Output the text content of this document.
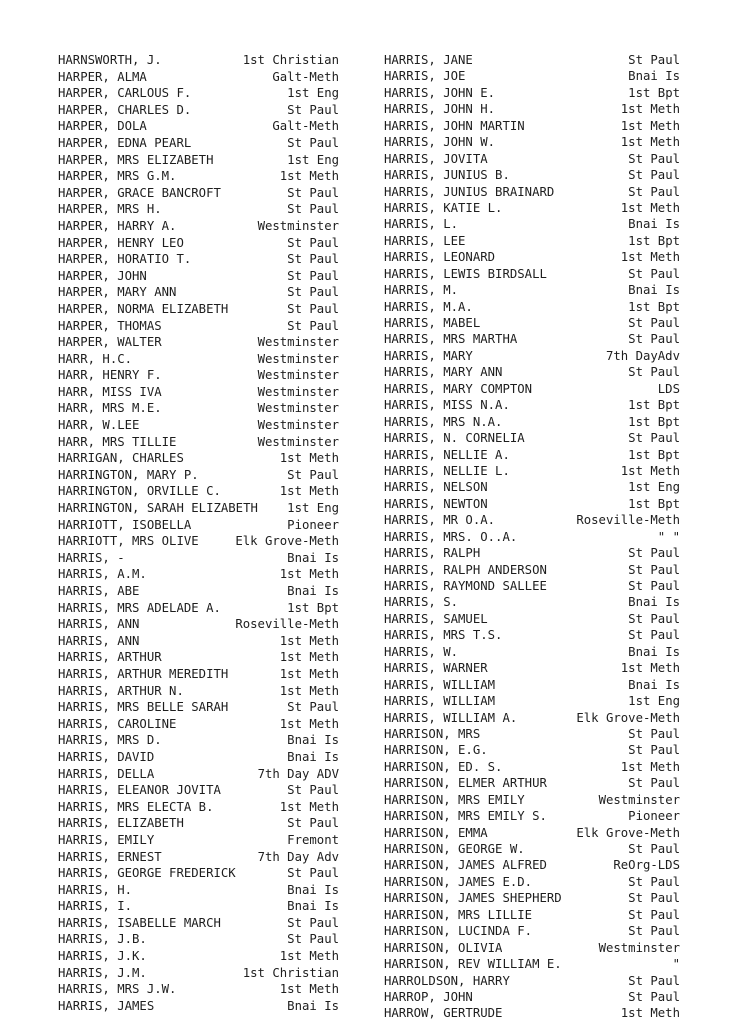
HARNSWORTH, J.	1st Christian
HARPER, ALMA	Galt-Meth
HARPER, CARLOUS F.	1st Eng
HARPER, CHARLES D.	St Paul
HARPER, DOLA	Galt-Meth
HARPER, EDNA PEARL	St Paul
HARPER, MRS ELIZABETH	1st Eng
HARPER, MRS G.M.	1st Meth
HARPER, GRACE BANCROFT	St Paul
HARPER, MRS H.	St Paul
HARPER, HARRY A.	Westminster
HARPER, HENRY LEO	St Paul
HARPER, HORATIO T.	St Paul
HARPER, JOHN	St Paul
HARPER, MARY ANN	St Paul
HARPER, NORMA ELIZABETH	St Paul
HARPER, THOMAS	St Paul
HARPER, WALTER	Westminster
HARR, H.C.	Westminster
HARR, HENRY F.	Westminster
HARR, MISS IVA	Westminster
HARR, MRS M.E.	Westminster
HARR, W.LEE	Westminster
HARR, MRS TILLIE	Westminster
HARRIGAN, CHARLES	1st Meth
HARRINGTON, MARY P.	St Paul
HARRINGTON, ORVILLE C.	1st Meth
HARRINGTON, SARAH ELIZABETH	1st Eng
HARRIOTT, ISOBELLA	Pioneer
HARRIOTT, MRS OLIVE	Elk Grove-Meth
HARRIS, -	Bnai Is
HARRIS, A.M.	1st Meth
HARRIS, ABE	Bnai Is
HARRIS, MRS ADELADE A.	1st Bpt
HARRIS, ANN	Roseville-Meth
HARRIS, ANN	1st Meth
HARRIS, ARTHUR	1st Meth
HARRIS, ARTHUR MEREDITH	1st Meth
HARRIS, ARTHUR N.	1st Meth
HARRIS, MRS BELLE SARAH	St Paul
HARRIS, CAROLINE	1st Meth
HARRIS, MRS D.	Bnai Is
HARRIS, DAVID	Bnai Is
HARRIS, DELLA	7th Day ADV
HARRIS, ELEANOR JOVITA	St Paul
HARRIS, MRS ELECTA B.	1st Meth
HARRIS, ELIZABETH	St Paul
HARRIS, EMILY	Fremont
HARRIS, ERNEST	7th Day Adv
HARRIS, GEORGE FREDERICK	St Paul
HARRIS, H.	Bnai Is
HARRIS, I.	Bnai Is
HARRIS, ISABELLE MARCH	St Paul
HARRIS, J.B.	St Paul
HARRIS, J.K.	1st Meth
HARRIS, J.M.	1st Christian
HARRIS, MRS J.W.	1st Meth
HARRIS, JAMES	Bnai Is
HARRIS, JANE	St Paul
HARRIS, JOE	Bnai Is
HARRIS, JOHN E.	1st Bpt
HARRIS, JOHN H.	1st Meth
HARRIS, JOHN MARTIN	1st Meth
HARRIS, JOHN W.	1st Meth
HARRIS, JOVITA	St Paul
HARRIS, JUNIUS B.	St Paul
HARRIS, JUNIUS BRAINARD	St Paul
HARRIS, KATIE L.	1st Meth
HARRIS, L.	Bnai Is
HARRIS, LEE	1st Bpt
HARRIS, LEONARD	1st Meth
HARRIS, LEWIS BIRDSALL	St Paul
HARRIS, M.	Bnai Is
HARRIS, M.A.	1st Bpt
HARRIS, MABEL	St Paul
HARRIS, MRS MARTHA	St Paul
HARRIS, MARY	7th DayAdv
HARRIS, MARY ANN	St Paul
HARRIS, MARY COMPTON	LDS
HARRIS, MISS N.A.	1st Bpt
HARRIS, MRS N.A.	1st Bpt
HARRIS, N. CORNELIA	St Paul
HARRIS, NELLIE A.	1st Bpt
HARRIS, NELLIE L.	1st Meth
HARRIS, NELSON	1st Eng
HARRIS, NEWTON	1st Bpt
HARRIS, MR O.A.	Roseville-Meth
HARRIS, MRS. O..A.	" "
HARRIS, RALPH	St Paul
HARRIS, RALPH ANDERSON	St Paul
HARRIS, RAYMOND SALLEE	St Paul
HARRIS, S.	Bnai Is
HARRIS, SAMUEL	St Paul
HARRIS, MRS T.S.	St Paul
HARRIS, W.	Bnai Is
HARRIS, WARNER	1st Meth
HARRIS, WILLIAM	Bnai Is
HARRIS, WILLIAM	1st Eng
HARRIS, WILLIAM A.	Elk Grove-Meth
HARRISON, MRS	St Paul
HARRISON, E.G.	St Paul
HARRISON, ED. S.	1st Meth
HARRISON, ELMER ARTHUR	St Paul
HARRISON, MRS EMILY	Westminster
HARRISON, MRS EMILY S.	Pioneer
HARRISON, EMMA	Elk Grove-Meth
HARRISON, GEORGE W.	St Paul
HARRISON, JAMES ALFRED	ReOrg-LDS
HARRISON, JAMES E.D.	St Paul
HARRISON, JAMES SHEPHERD	St Paul
HARRISON, MRS LILLIE	St Paul
HARRISON, LUCINDA F.	St Paul
HARRISON, OLIVIA	Westminster
HARRISON, REV WILLIAM E.	"
HARROLDSON, HARRY	St Paul
HARROP, JOHN	St Paul
HARROW, GERTRUDE	1st Meth
